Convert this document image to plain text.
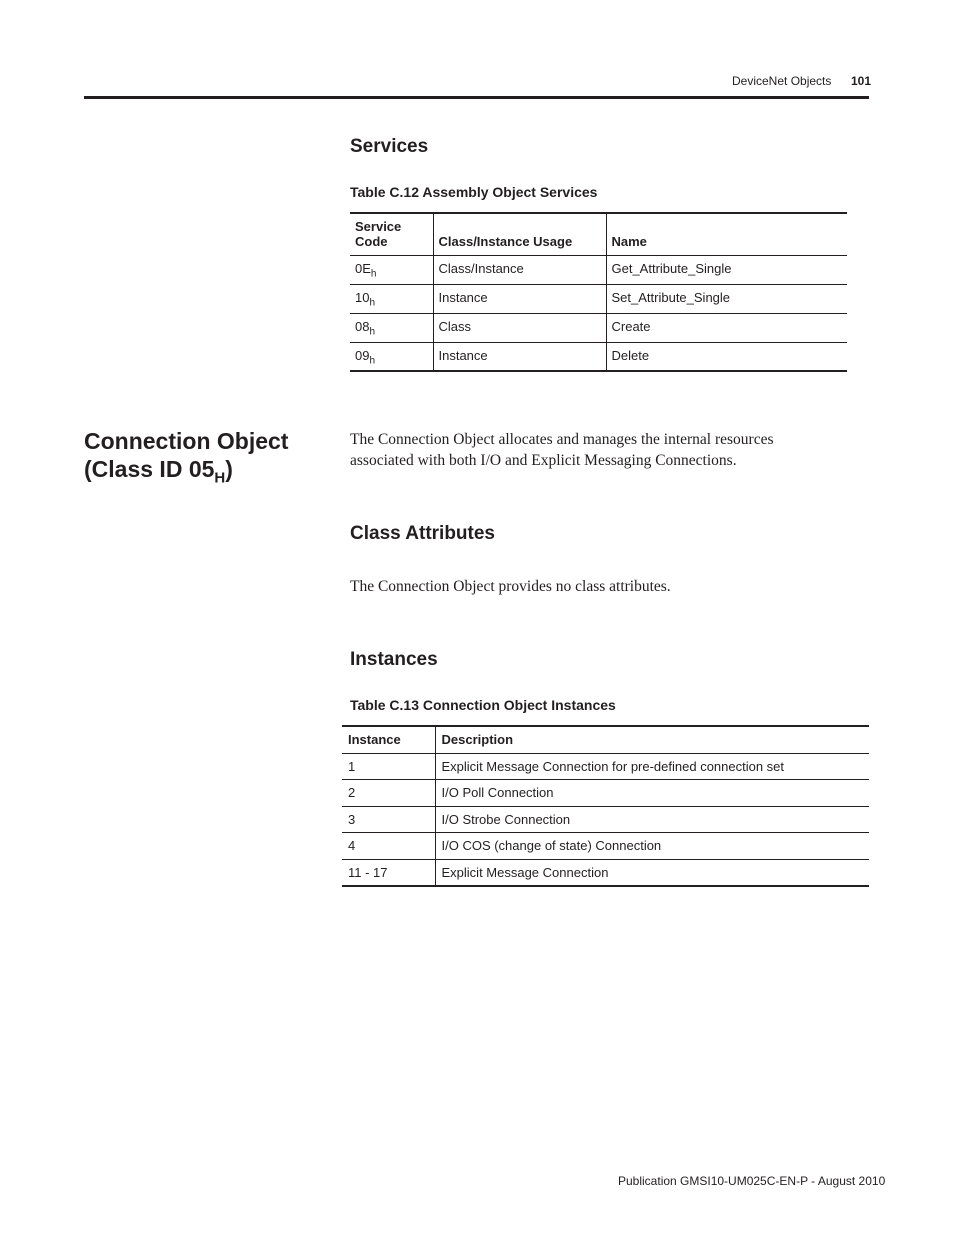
DeviceNet Objects 101
Services
Table C.12 Assembly Object Services
Service Code	Class/Instance Usage	Name
$0E_h$	Class/Instance	Get_Attribute_Single
$10_h$	Instance	Set_Attribute_Single
$08_h$	Class	Create
$09_h$	Instance	Delete
Connection Object
(Class ID $05_H$)
The Connection Object allocates and manages the internal resources associated with both I/O and Explicit Messaging Connections.
Class Attributes
The Connection Object provides no class attributes.
Instances
Table C.13 Connection Object Instances
Instance	Description
1	Explicit Message Connection for pre-defined connection set
2	I/O Poll Connection
3	I/O Strobe Connection
4	I/O COS (change of state) Connection
11 - 17	Explicit Message Connection
Publication GMSI10-UM025C-EN-P - August 2010
